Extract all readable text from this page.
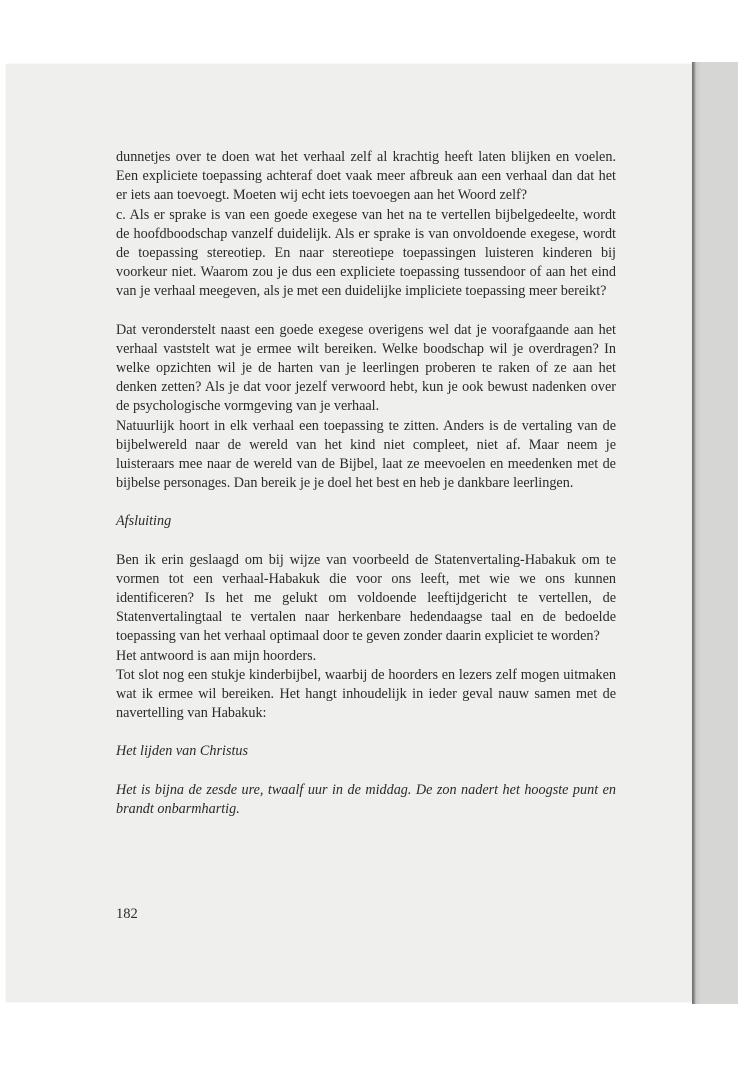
dunnetjes over te doen wat het verhaal zelf al krachtig heeft laten blijken en voelen. Een expliciete toepassing achteraf doet vaak meer afbreuk aan een verhaal dan dat het er iets aan toevoegt. Moeten wij echt iets toevoegen aan het Woord zelf?

c. Als er sprake is van een goede exegese van het na te vertellen bijbelgedeelte, wordt de hoofdboodschap vanzelf duidelijk. Als er sprake is van onvoldoende exegese, wordt de toepassing stereotiep. En naar stereotiepe toepassingen luisteren kinderen bij voorkeur niet. Waarom zou je dus een expliciete toepassing tussendoor of aan het eind van je verhaal meegeven, als je met een duidelijke impliciete toepassing meer bereikt?

Dat veronderstelt naast een goede exegese overigens wel dat je voorafgaande aan het verhaal vaststelt wat je ermee wilt bereiken. Welke boodschap wil je overdragen? In welke opzichten wil je de harten van je leerlingen proberen te raken of ze aan het denken zetten? Als je dat voor jezelf verwoord hebt, kun je ook bewust nadenken over de psychologische vormgeving van je verhaal.

Natuurlijk hoort in elk verhaal een toepassing te zitten. Anders is de vertaling van de bijbelwereld naar de wereld van het kind niet compleet, niet af. Maar neem je luisteraars mee naar de wereld van de Bijbel, laat ze meevoelen en meedenken met de bijbelse personages. Dan bereik je je doel het best en heb je dankbare leerlingen.

Afsluiting

Ben ik erin geslaagd om bij wijze van voorbeeld de Statenvertaling-Habakuk om te vormen tot een verhaal-Habakuk die voor ons leeft, met wie we ons kunnen identificeren? Is het me gelukt om voldoende leeftijdgericht te vertellen, de Statenvertalingtaal te vertalen naar herkenbare hedendaagse taal en de bedoelde toepassing van het verhaal optimaal door te geven zonder daarin expliciet te worden?

Het antwoord is aan mijn hoorders.

Tot slot nog een stukje kinderbijbel, waarbij de hoorders en lezers zelf mogen uitmaken wat ik ermee wil bereiken. Het hangt inhoudelijk in ieder geval nauw samen met de navertelling van Habakuk:

Het lijden van Christus

Het is bijna de zesde ure, twaalf uur in de middag. De zon nadert het hoogste punt en brandt onbarmhartig.

182
